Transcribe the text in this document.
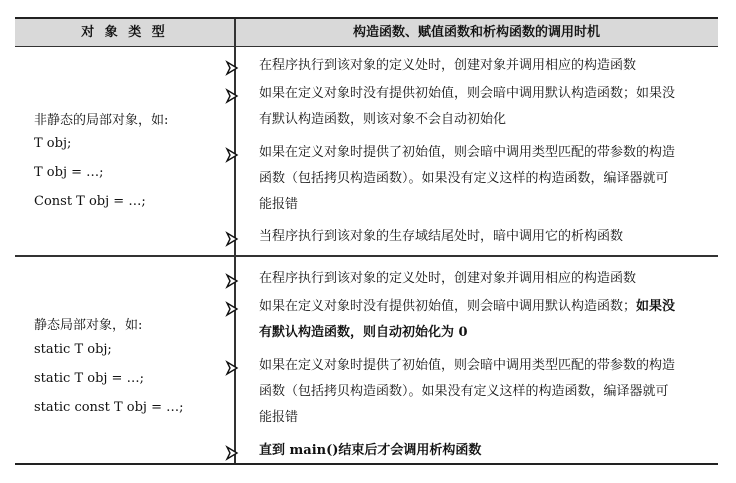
对 象 类 型	构造函数、赋值函数和析构函数的调用时机
非静态的局部对象，如:
T obj;
T obj = …;
Const T obj = …;
在程序执行到该对象的定义处时，创建对象并调用相应的构造函数
如果在定义对象时没有提供初始值，则会暗中调用默认构造函数；如果没
有默认构造函数，则该对象不会自动初始化
如果在定义对象时提供了初始值，则会暗中调用类型匹配的带参数的构造
函数（包括拷贝构造函数）。如果没有定义这样的构造函数，编译器就可
能报错
当程序执行到该对象的生存域结尾处时，暗中调用它的析构函数
静态局部对象，如:
static T obj;
static T obj = …;
static const T obj = …;
在程序执行到该对象的定义处时，创建对象并调用相应的构造函数
如果在定义对象时没有提供初始值，则会暗中调用默认构造函数；如果没
有默认构造函数，则自动初始化为 0
如果在定义对象时提供了初始值，则会暗中调用类型匹配的带参数的构造
函数（包括拷贝构造函数）。如果没有定义这样的构造函数，编译器就可
能报错
直到 main()结束后才会调用析构函数
